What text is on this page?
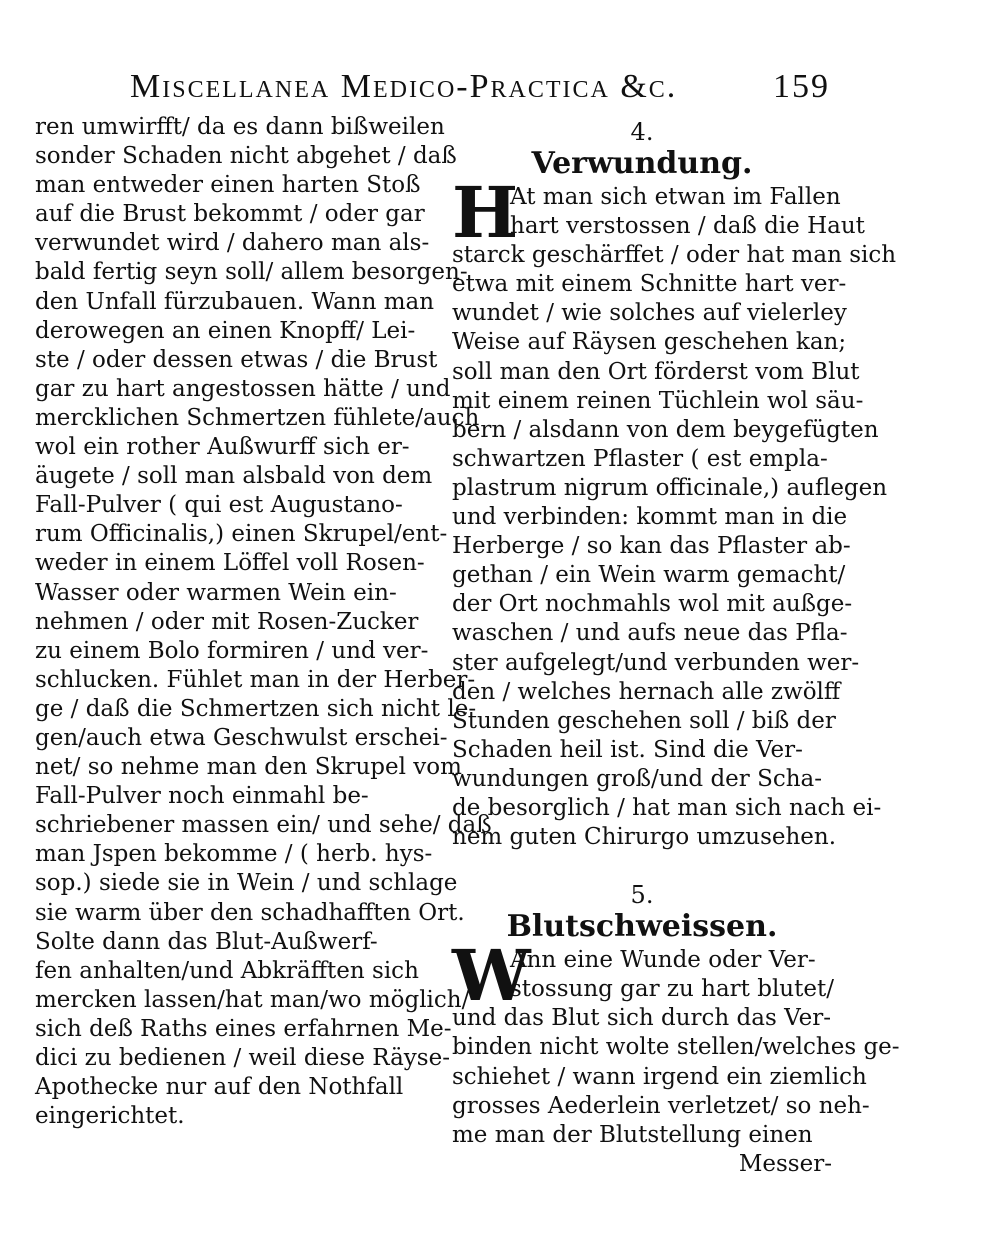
Miscellanea Medico-Practica &c.	159
ren umwirfft/ da es dann bißweilen
sonder Schaden nicht abgehet / daß
man entweder einen harten Stoß
auf die Brust bekommt / oder gar
verwundet wird / dahero man als-
bald fertig seyn soll/ allem besorgen-
den Unfall fürzubauen. Wann man
derowegen an einen Knopff/ Lei-
ste / oder dessen etwas / die Brust
gar zu hart angestossen hätte / und
mercklichen Schmertzen fühlete/auch
wol ein rother Außwurff sich er-
äugete / soll man alsbald von dem
Fall-Pulver ( qui est Augustano-
rum Officinalis,) einen Skrupel/ent-
weder in einem Löffel voll Rosen-
Wasser oder warmen Wein ein-
nehmen / oder mit Rosen-Zucker
zu einem Bolo formiren / und ver-
schlucken. Fühlet man in der Herber-
ge / daß die Schmertzen sich nicht le-
gen/auch etwa Geschwulst erschei-
net/ so nehme man den Skrupel vom
Fall-Pulver noch einmahl be-
schriebener massen ein/ und sehe/ daß
man Jspen bekomme / ( herb. hys-
sop.) siede sie in Wein / und schlage
sie warm über den schadhafften Ort.
Solte dann das Blut-Außwerf-
fen anhalten/und Abkräfften sich
mercken lassen/hat man/wo möglich/
sich deß Raths eines erfahrnen Me-
dici zu bedienen / weil diese Räyse-
Apothecke nur auf den Nothfall
eingerichtet.
4.
Verwundung.
H
At man sich etwan im Fallen
hart verstossen / daß die Haut
starck geschärffet / oder hat man sich
etwa mit einem Schnitte hart ver-
wundet / wie solches auf vielerley
Weise auf Räysen geschehen kan;
soll man den Ort förderst vom Blut
mit einem reinen Tüchlein wol säu-
bern / alsdann von dem beygefügten
schwartzen Pflaster ( est empla-
plastrum nigrum officinale,) auflegen
und verbinden: kommt man in die
Herberge / so kan das Pflaster ab-
gethan / ein Wein warm gemacht/
der Ort nochmahls wol mit außge-
waschen / und aufs neue das Pfla-
ster aufgelegt/und verbunden wer-
den / welches hernach alle zwölff
Stunden geschehen soll / biß der
Schaden heil ist. Sind die Ver-
wundungen groß/und der Scha-
de besorglich / hat man sich nach ei-
nem guten Chirurgo umzusehen.
5.
Blutschweissen.
W
Ann eine Wunde oder Ver-
stossung gar zu hart blutet/
und das Blut sich durch das Ver-
binden nicht wolte stellen/welches ge-
schiehet / wann irgend ein ziemlich
grosses Aederlein verletzet/ so neh-
me man der Blutstellung einen
Messer-
